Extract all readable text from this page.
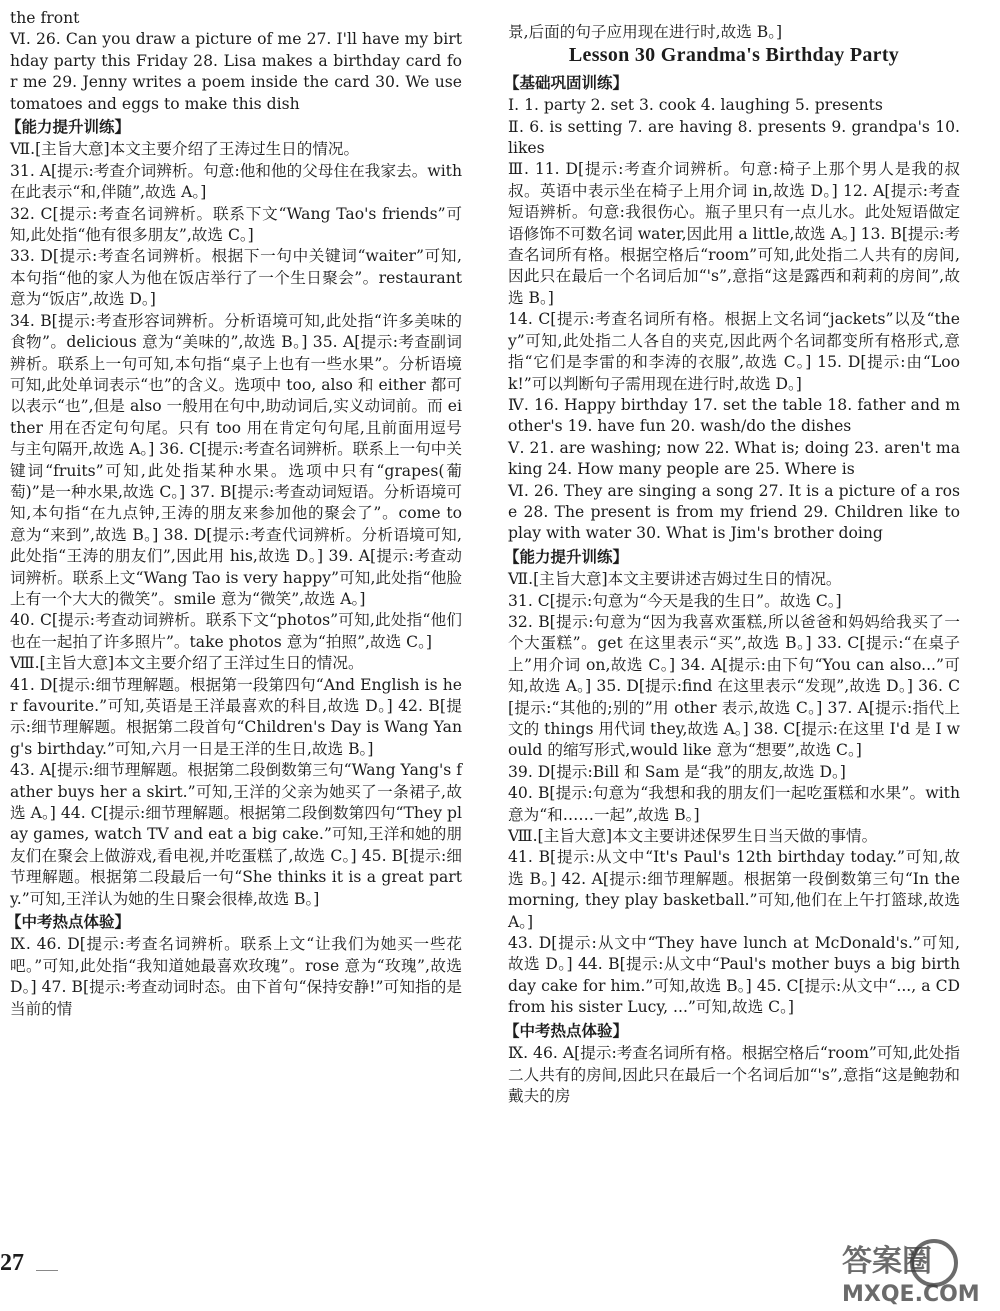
the front

Ⅵ. 26. Can you draw a picture of me 27. I'll have my birthday party this Friday 28. Lisa makes a birthday card for me 29. Jenny writes a poem inside the card 30. We use tomatoes and eggs to make this dish

【能力提升训练】

Ⅶ.[主旨大意]本文主要介绍了王涛过生日的情况。

31. A[提示:考查介词辨析。句意:他和他的父母住在我家去。with 在此表示“和,伴随”,故选 A。]

32. C[提示:考查名词辨析。联系下文“Wang Tao's friends”可知,此处指“他有很多朋友”,故选 C。]

33. D[提示:考查名词辨析。根据下一句中关键词“waiter”可知,本句指“他的家人为他在饭店举行了一个生日聚会”。restaurant 意为“饭店”,故选 D。]

34. B[提示:考查形容词辨析。分析语境可知,此处指“许多美味的食物”。delicious 意为“美味的”,故选 B。] 35. A[提示:考查副词辨析。联系上一句可知,本句指“桌子上也有一些水果”。分析语境可知,此处单词表示“也”的含义。选项中 too, also 和 either 都可以表示“也”,但是 also 一般用在句中,助动词后,实义动词前。而 either 用在否定句句尾。只有 too 用在肯定句句尾,且前面用逗号与主句隔开,故选 A。] 36. C[提示:考查名词辨析。联系上一句中关键词“fruits”可知,此处指某种水果。选项中只有“grapes(葡萄)”是一种水果,故选 C。] 37. B[提示:考查动词短语。分析语境可知,本句指“在九点钟,王涛的朋友来参加他的聚会了”。come to 意为“来到”,故选 B。] 38. D[提示:考查代词辨析。分析语境可知,此处指“王涛的朋友们”,因此用 his,故选 D。] 39. A[提示:考查动词辨析。联系上文“Wang Tao is very happy”可知,此处指“他脸上有一个大大的微笑”。smile 意为“微笑”,故选 A。]

40. C[提示:考查动词辨析。联系下文“photos”可知,此处指“他们也在一起拍了许多照片”。take photos 意为“拍照”,故选 C。]

Ⅷ.[主旨大意]本文主要介绍了王洋过生日的情况。

41. D[提示:细节理解题。根据第一段第四句“And English is her favourite.”可知,英语是王洋最喜欢的科目,故选 D。] 42. B[提示:细节理解题。根据第二段首句“Children's Day is Wang Yang's birthday.”可知,六月一日是王洋的生日,故选 B。]

43. A[提示:细节理解题。根据第二段倒数第三句“Wang Yang's father buys her a skirt.”可知,王洋的父亲为她买了一条裙子,故选 A。] 44. C[提示:细节理解题。根据第二段倒数第四句“They play games, watch TV and eat a big cake.”可知,王洋和她的朋友们在聚会上做游戏,看电视,并吃蛋糕了,故选 C。] 45. B[提示:细节理解题。根据第二段最后一句“She thinks it is a great party.”可知,王洋认为她的生日聚会很棒,故选 B。]

【中考热点体验】

Ⅸ. 46. D[提示:考查名词辨析。联系上文“让我们为她买一些花吧。”可知,此处指“我知道她最喜欢玫瑰”。rose 意为“玫瑰”,故选 D。] 47. B[提示:考查动词时态。由下首句“保持安静!”可知指的是当前的情

景,后面的句子应用现在进行时,故选 B。]

Lesson 30 Grandma's Birthday Party

【基础巩固训练】

Ⅰ. 1. party 2. set 3. cook 4. laughing 5. presents

Ⅱ. 6. is setting 7. are having 8. presents 9. grandpa's 10. likes

Ⅲ. 11. D[提示:考查介词辨析。句意:椅子上那个男人是我的叔叔。英语中表示坐在椅子上用介词 in,故选 D。] 12. A[提示:考查短语辨析。句意:我很伤心。瓶子里只有一点儿水。此处短语做定语修饰不可数名词 water,因此用 a little,故选 A。] 13. B[提示:考查名词所有格。根据空格后“room”可知,此处指二人共有的房间,因此只在最后一个名词后加“'s”,意指“这是露西和莉莉的房间”,故选 B。]

14. C[提示:考查名词所有格。根据上文名词“jackets”以及“they”可知,此处指二人各自的夹克,因此两个名词都变所有格形式,意指“它们是李雷的和李涛的衣服”,故选 C。] 15. D[提示:由“Look!”可以判断句子需用现在进行时,故选 D。]

Ⅳ. 16. Happy birthday 17. set the table 18. father and mother's 19. have fun 20. wash/do the dishes

Ⅴ. 21. are washing; now 22. What is; doing 23. aren't making 24. How many people are 25. Where is

Ⅵ. 26. They are singing a song 27. It is a picture of a rose 28. The present is from my friend 29. Children like to play with water 30. What is Jim's brother doing

【能力提升训练】

Ⅶ.[主旨大意]本文主要讲述吉姆过生日的情况。

31. C[提示:句意为“今天是我的生日”。故选 C。]

32. B[提示:句意为“因为我喜欢蛋糕,所以爸爸和妈妈给我买了一个大蛋糕”。get 在这里表示“买”,故选 B。] 33. C[提示:“在桌子上”用介词 on,故选 C。] 34. A[提示:由下句“You can also...”可知,故选 A。] 35. D[提示:find 在这里表示“发现”,故选 D。] 36. C[提示:“其他的;别的”用 other 表示,故选 C。] 37. A[提示:指代上文的 things 用代词 they,故选 A。] 38. C[提示:在这里 I'd 是 I would 的缩写形式,would like 意为“想要”,故选 C。]

39. D[提示:Bill 和 Sam 是“我”的朋友,故选 D。]

40. B[提示:句意为“我想和我的朋友们一起吃蛋糕和水果”。with 意为“和……一起”,故选 B。]

Ⅷ.[主旨大意]本文主要讲述保罗生日当天做的事情。

41. B[提示:从文中“It's Paul's 12th birthday today.”可知,故选 B。] 42. A[提示:细节理解题。根据第一段倒数第三句“In the morning, they play basketball.”可知,他们在上午打篮球,故选 A。]

43. D[提示:从文中“They have lunch at McDonald's.”可知,故选 D。] 44. B[提示:从文中“Paul's mother buys a big birthday cake for him.”可知,故选 B。] 45. C[提示:从文中“..., a CD from his sister Lucy, ...”可知,故选 C。]

【中考热点体验】

Ⅸ. 46. A[提示:考查名词所有格。根据空格后“room”可知,此处指二人共有的房间,因此只在最后一个名词后加“'s”,意指“这是鲍勃和戴夫的房

27	答案圈
MXQE.COM
